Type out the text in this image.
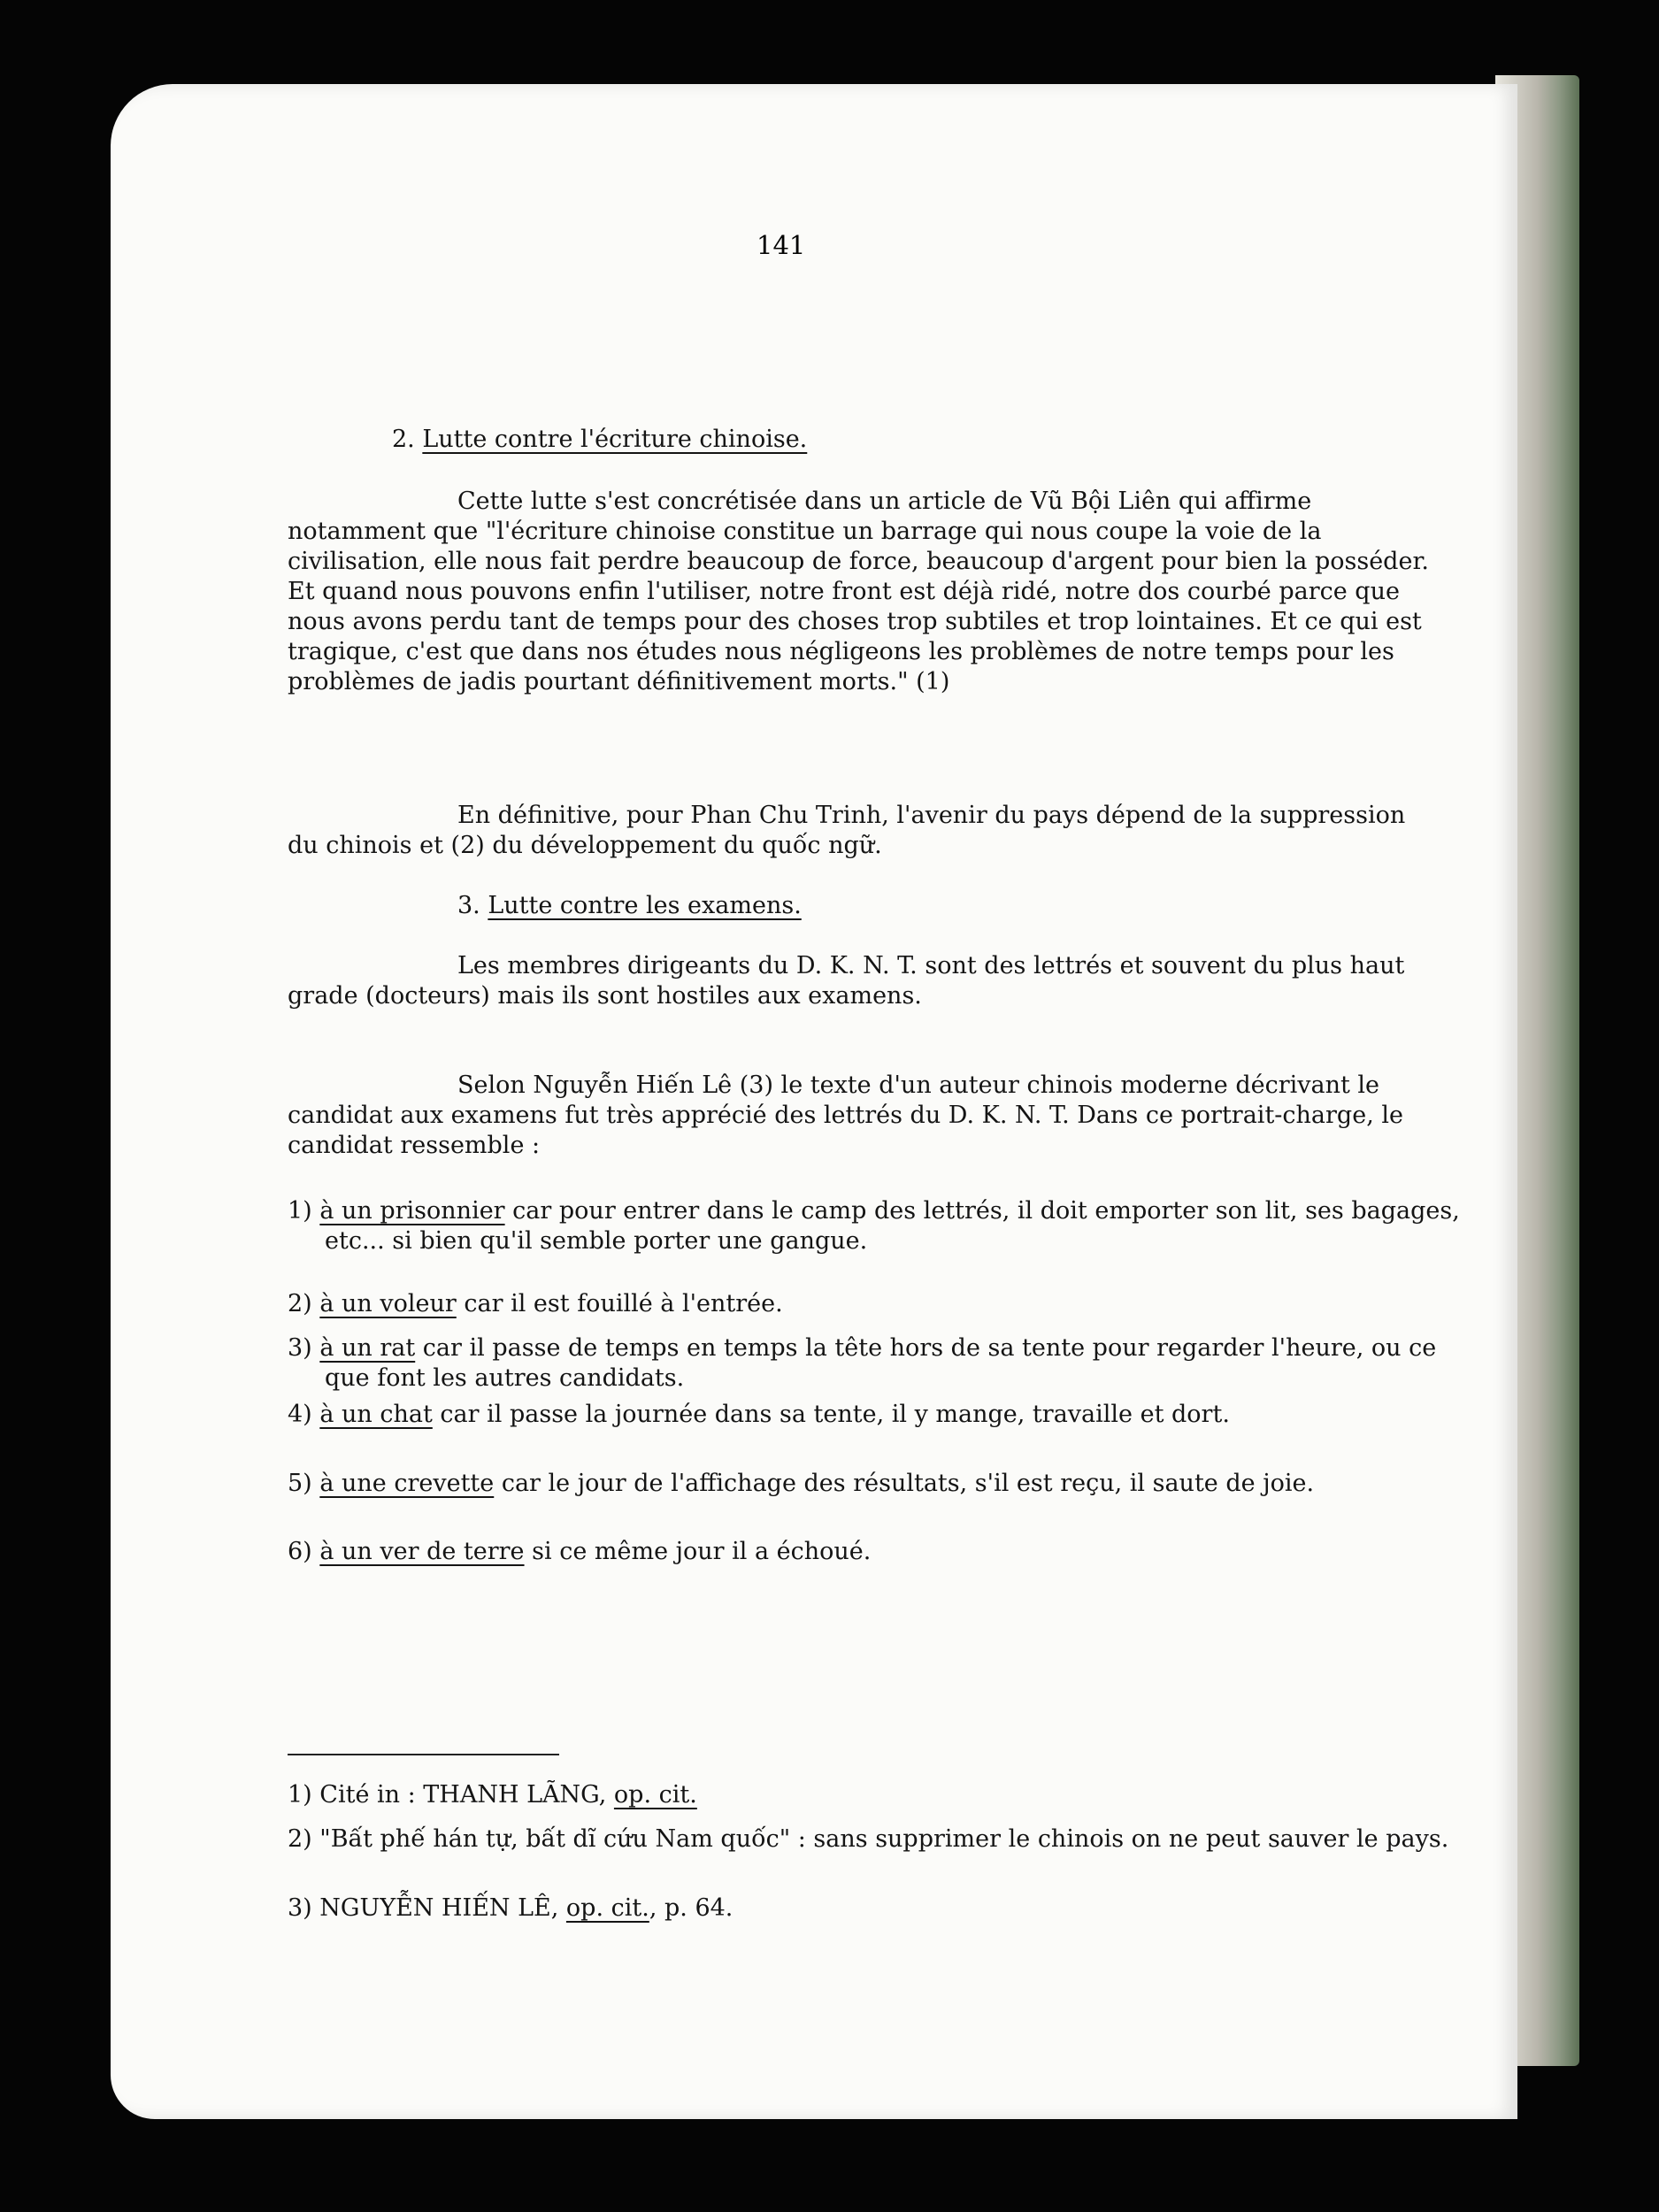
141

2. Lutte contre l'écriture chinoise.

Cette lutte s'est concrétisée dans un article de Vũ Bội Liên qui affirme notamment que "l'écriture chinoise constitue un barrage qui nous coupe la voie de la civilisation, elle nous fait perdre beaucoup de force, beaucoup d'argent pour bien la posséder. Et quand nous pouvons enfin l'utiliser, notre front est déjà ridé, notre dos courbé parce que nous avons perdu tant de temps pour des choses trop subtiles et trop lointaines. Et ce qui est tragique, c'est que dans nos études nous négligeons les problèmes de notre temps pour les problèmes de jadis pourtant définitivement morts." (1)

En définitive, pour Phan Chu Trinh, l'avenir du pays dépend de la suppression du chinois et (2) du développement du quốc ngữ.

3. Lutte contre les examens.

Les membres dirigeants du D. K. N. T. sont des lettrés et souvent du plus haut grade (docteurs) mais ils sont hostiles aux examens.

Selon Nguyễn Hiến Lê (3) le texte d'un auteur chinois moderne décrivant le candidat aux examens fut très apprécié des lettrés du D. K. N. T. Dans ce portrait-charge, le candidat ressemble :

1) à un prisonnier car pour entrer dans le camp des lettrés, il doit emporter son lit, ses bagages, etc... si bien qu'il semble porter une gangue.

2) à un voleur car il est fouillé à l'entrée.

3) à un rat car il passe de temps en temps la tête hors de sa tente pour regarder l'heure, ou ce que font les autres candidats.

4) à un chat car il passe la journée dans sa tente, il y mange, travaille et dort.

5) à une crevette car le jour de l'affichage des résultats, s'il est reçu, il saute de joie.

6) à un ver de terre si ce même jour il a échoué.

1) Cité in : THANH LÃNG, op. cit.

2) "Bất phế hán tự, bất dĩ cứu Nam quốc" : sans supprimer le chinois on ne peut sauver le pays.

3) NGUYỄN HIẾN LÊ, op. cit., p. 64.
